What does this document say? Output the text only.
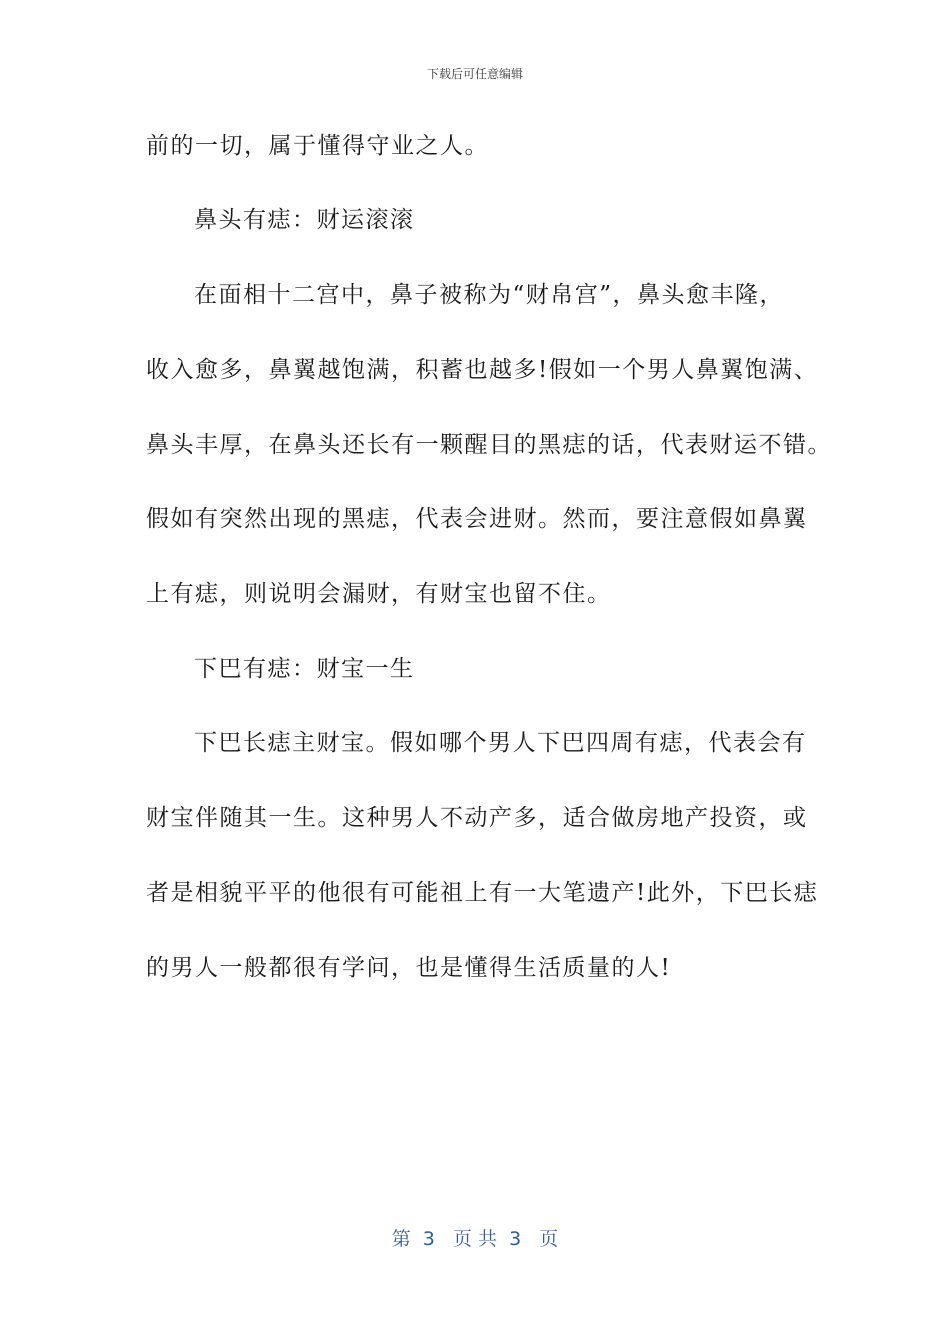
下载后可任意编辑
前的一切，属于懂得守业之人。
鼻头有痣：财运滚滚
在面相十二宫中，鼻子被称为“财帛宫”，鼻头愈丰隆，
收入愈多，鼻翼越饱满，积蓄也越多!假如一个男人鼻翼饱满、
鼻头丰厚，在鼻头还长有一颗醒目的黑痣的话，代表财运不错。
假如有突然出现的黑痣，代表会进财。然而，要注意假如鼻翼
上有痣，则说明会漏财，有财宝也留不住。
下巴有痣：财宝一生
下巴长痣主财宝。假如哪个男人下巴四周有痣，代表会有
财宝伴随其一生。这种男人不动产多，适合做房地产投资，或
者是相貌平平的他很有可能祖上有一大笔遗产!此外，下巴长痣
的男人一般都很有学问，也是懂得生活质量的人!
第  3   页 共  3   页
